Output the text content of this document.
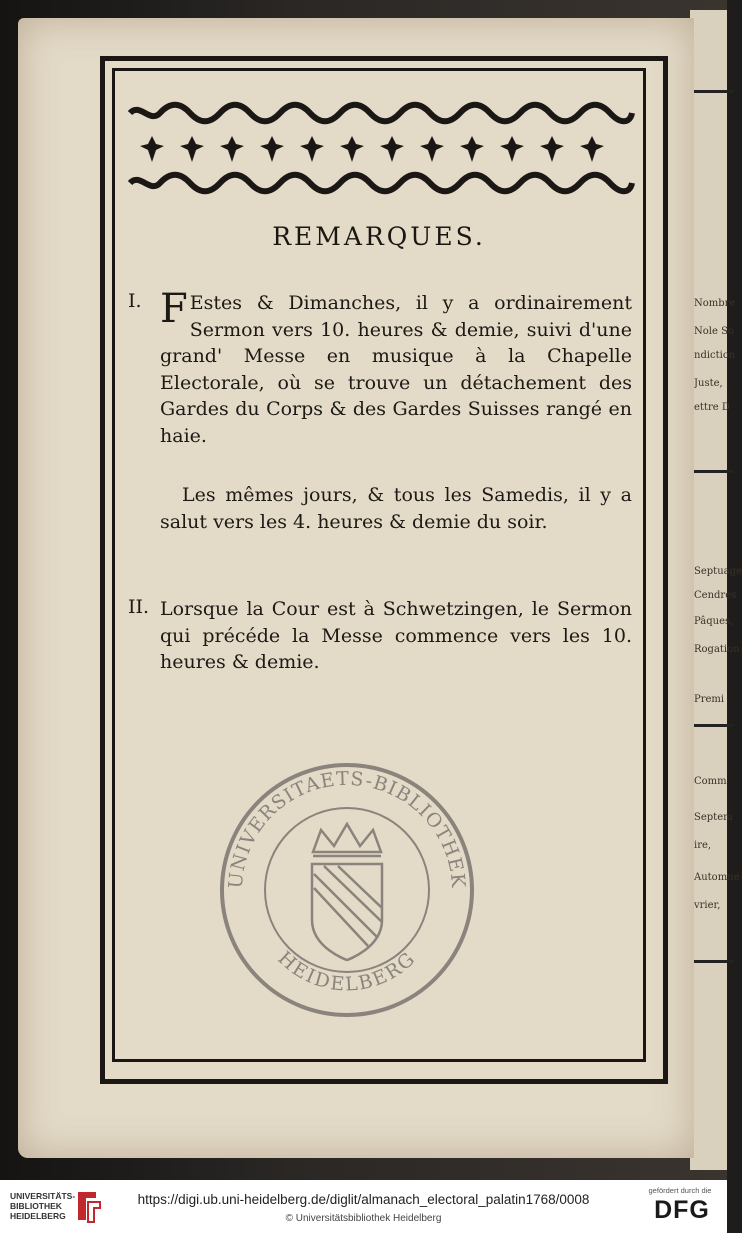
Nombre
Nole So
ndiction
Juste,
ettre D
Septuage
Cendres
Pâques,
Rogation
Premi
Comm
Septem
ire,
Automne
vrier,
REMARQUES.
I. F Estes & Dimanches, il y a ordinairement Sermon vers 10. heures & demie, suivi d'une grand' Messe en musique à la Chapelle Electorale, où se trouve un détachement des Gardes du Corps & des Gardes Suisses rangé en haie.
Les mêmes jours, & tous les Samedis, il y a salut vers les 4. heures & demie du soir.
II. Lorsque la Cour est à Schwetzingen, le Sermon qui précéde la Messe commence vers les 10. heures & demie.
UNIVERSITAETS-BIBLIOTHEK
HEIDELBERG
UNIVERSITÄTS-
BIBLIOTHEK
HEIDELBERG
https://digi.ub.uni-heidelberg.de/diglit/almanach_electoral_palatin1768/0008
© Universitätsbibliothek Heidelberg
gefördert durch die
DFG
